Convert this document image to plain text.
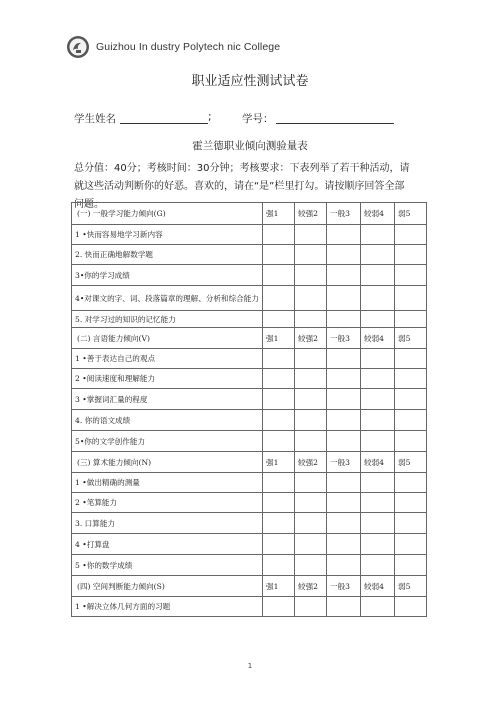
Guizhou In dustry Polytech nic College
职业适应性测试试卷
学生姓名	;	学号：
霍兰德职业倾向测验量表
总分值：40分；考核时间：30分钟；考核要求：下表列举了若干种活动，请就这些活动判断你的好恶。喜欢的，请在“是”栏里打勾。请按顺序回答全部问题。
(一) 一般学习能力倾向(G)	强1	较强2	一般3	较弱4	弱5
1 •快而容易地学习新内容					
2. 快而正确地解数学题					
3•你的学习成绩					
4•对课文的字、词、段落篇章的理解、分析和综合能力					
5. 对学习过的知识的记忆能力					
(二) 言语能力倾向(V)	强1	较强2	一般3	较弱4	弱5
1 •善于表达自己的观点					
2 •阅读速度和理解能力					
3 •掌握词汇量的程度					
4. 你的语文成绩					
5•你的文学创作能力					
(三) 算术能力倾向(N)	强1	较强2	一般3	较弱4	弱5
1 •做出精确的测量					
2 •笔算能力					
3. 口算能力					
4 •打算盘					
5 •你的数学成绩					
(四) 空间判断能力倾向(S)	强1	较强2	一般3	较弱4	弱5
1 •解决立体几何方面的习题					
1
